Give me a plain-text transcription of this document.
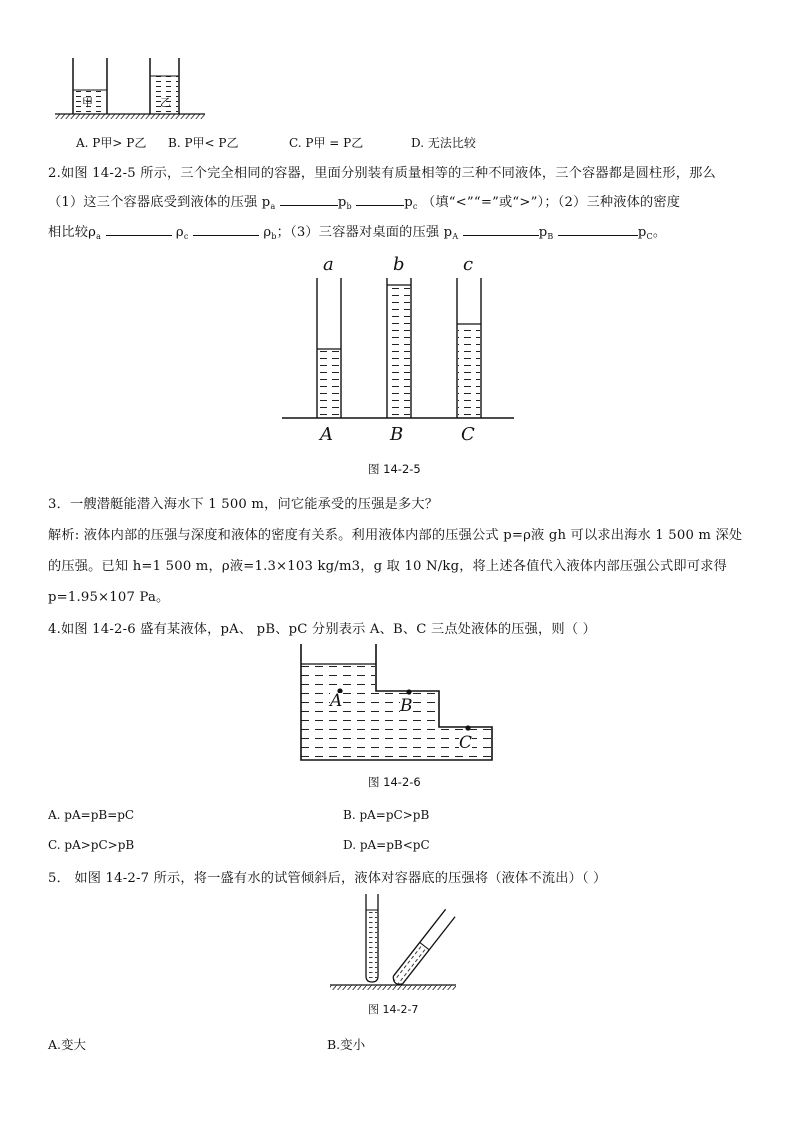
甲	乙
A. P甲> P乙 B. P甲< P乙	C. P甲 = P乙	D. 无法比较
2.如图 14-2-5 所示，三个完全相同的容器，里面分别装有质量相等的三种不同液体，三个容器都是圆柱形，那么
（1）这三个容器底受到液体的压强 $p_a$	$p_b$	$p_c$ （填“<”“=”或“>”）；（2）三种液体的密度
相比较$\rho_a$	$\rho_c$	$\rho_b$；（3）三容器对桌面的压强 $p_A$	$p_B$	$p_C$。
a	b	c
A	B	C
图 14-2-5
3．一艘潜艇能潜入海水下 1 500 m，问它能承受的压强是多大？
解析: 液体内部的压强与深度和液体的密度有关系。利用液体内部的压强公式 p=ρ液 gh 可以求出海水 1 500 m 深处
的压强。已知 h=1 500 m，ρ液=1.3×103 kg/m3，g 取 10 N/kg，将上述各值代入液体内部压强公式即可求得
p=1.95×107 Pa。
4.如图 14-2-6 盛有某液体，pA、 pB、pC 分别表示 A、B、C 三点处液体的压强，则（ ）
A	B
C
图 14-2-6
A. pA=pB=pC	B. pA=pC>pB
C. pA>pC>pB	D. pA=pB<pC
5． 如图 14-2-7 所示，将一盛有水的试管倾斜后，液体对容器底的压强将（液体不流出）（ ）
图 14-2-7
A.变大	B.变小
